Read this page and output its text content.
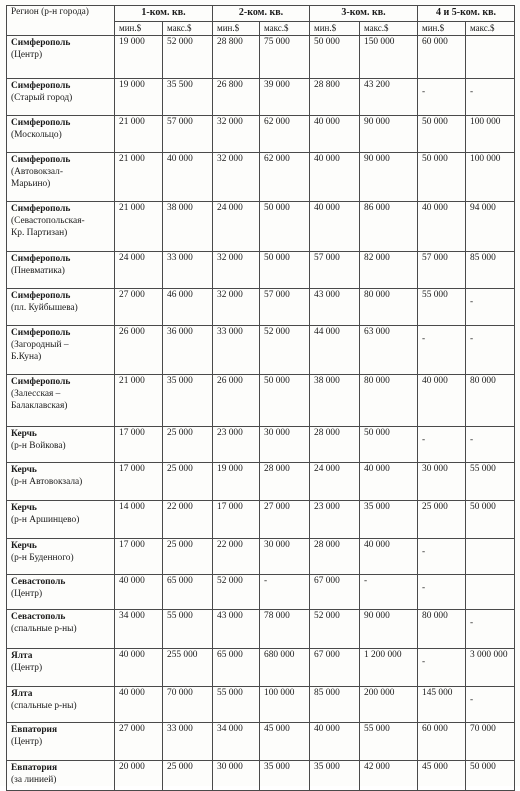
Регион (р-н города)	1-ком. кв.		2-ком. кв.		3-ком. кв.		4 и 5-ком. кв.	
	мин.$	макс.$	мин.$	макс.$	мин.$	макс.$	мин.$	макс.$

Симферополь
(Центр)	19 000	52 000	28 800	75 000	50 000	150 000	60 000	

Симферополь
(Старый город)	19 000	35 500	26 800	39 000	28 800	43 200	-	-

Симферополь
(Москольцо)	21 000	57 000	32 000	62 000	40 000	90 000	50 000	100 000

Симферополь
(Автовокзал-
Марьино)	21 000	40 000	32 000	62 000	40 000	90 000	50 000	100 000

Симферополь
(Севастопольская-
Кр. Партизан)	21 000	38 000	24 000	50 000	40 000	86 000	40 000	94 000

Симферополь
(Пневматика)	24 000	33 000	32 000	50 000	57 000	82 000	57 000	85 000

Симферополь
(пл. Куйбышева)	27 000	46 000	32 000	57 000	43 000	80 000	55 000	-

Симферополь
(Загородный –
Б.Куна)	26 000	36 000	33 000	52 000	44 000	63 000	-	-

Симферополь
(Залесская –
Балаклавская)	21 000	35 000	26 000	50 000	38 000	80 000	40 000	80 000

Керчь
(р-н Войкова)	17 000	25 000	23 000	30 000	28 000	50 000	-	-

Керчь
(р-н Автовокзала)	17 000	25 000	19 000	28 000	24 000	40 000	30 000	55 000

Керчь
(р-н Аршинцево)	14 000	22 000	17 000	27 000	23 000	35 000	25 000	50 000

Керчь
(р-н Буденного)	17 000	25 000	22 000	30 000	28 000	40 000	-	

Севастополь
(Центр)	40 000	65 000	52 000	-	67 000	-	-	

Севастополь
(спальные р-ны)	34 000	55 000	43 000	78 000	52 000	90 000	80 000	-

Ялта
(Центр)	40 000	255 000	65 000	680 000	67 000	1 200 000	-	3 000 000

Ялта
(спальные р-ны)	40 000	70 000	55 000	100 000	85 000	200 000	145 000	-

Евпатория
(Центр)	27 000	33 000	34 000	45 000	40 000	55 000	60 000	70 000

Евпатория
(за линией)	20 000	25 000	30 000	35 000	35 000	42 000	45 000	50 000
